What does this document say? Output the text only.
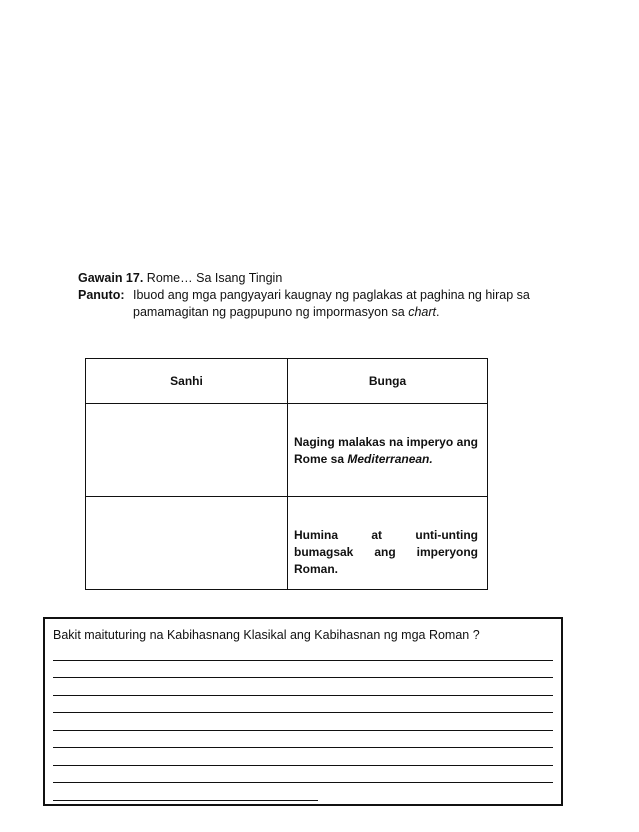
Gawain 17. Rome… Sa Isang Tingin
Panuto: Ibuod ang mga pangyayari kaugnay ng paglakas at paghina ng hirap sa pamamagitan ng pagpupuno ng impormasyon sa chart.
Sanhi	Bunga

	Naging malakas na imperyo ang Rome sa Mediterranean.

	Humina at unti-unting bumagsak ang imperyong Roman.
Bakit maituturing na Kabihasnang Klasikal ang Kabihasnan ng mga Roman ?
